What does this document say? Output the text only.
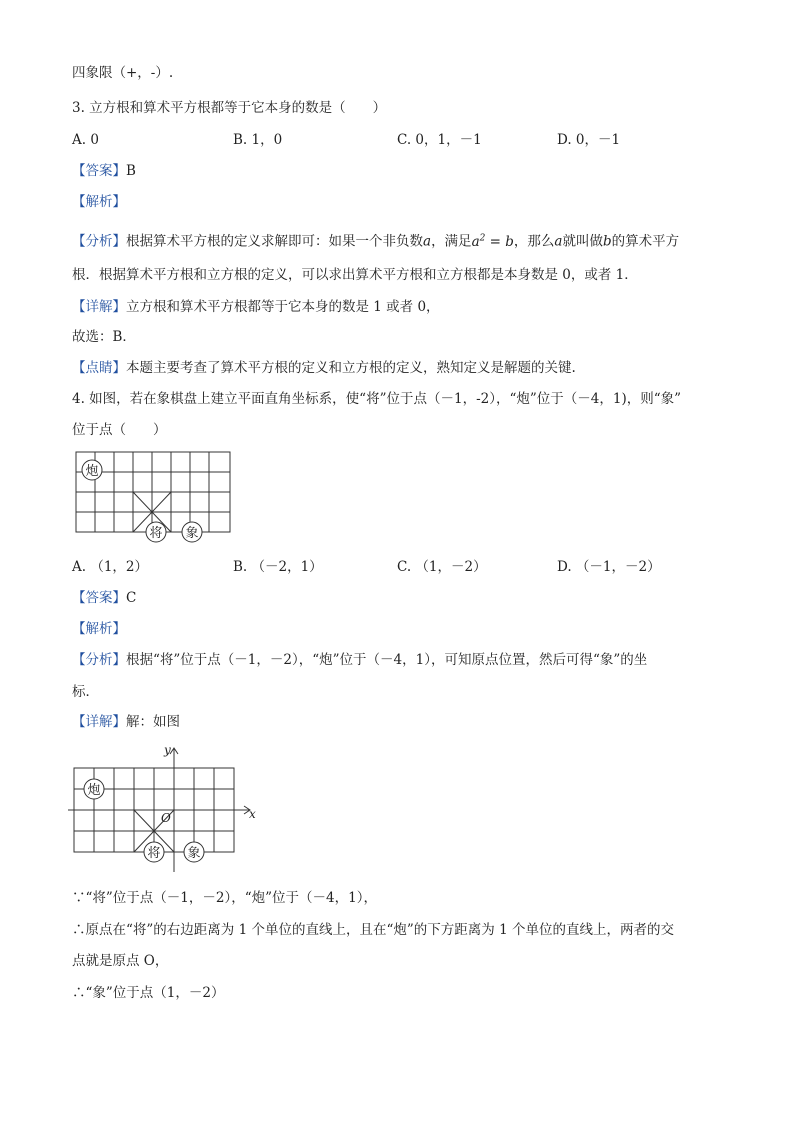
四象限（+，-）.
3. 立方根和算术平方根都等于它本身的数是（　　）
A. 0	B. 1，0	C. 0，1，－1	D. 0，－1
【答案】B
【解析】
【分析】根据算术平方根的定义求解即可：如果一个非负数a，满足$a^2 = b$，那么a就叫做b的算术平方
根．根据算术平方根和立方根的定义，可以求出算术平方根和立方根都是本身数是 0，或者 1．
【详解】立方根和算术平方根都等于它本身的数是 1 或者 0，
故选：B．
【点睛】本题主要考查了算术平方根的定义和立方根的定义，熟知定义是解题的关键.
4. 如图，若在象棋盘上建立平面直角坐标系，使“将”位于点（－1，-2），“炮”位于（－4，1)，则“象”
位于点（　　）
炮
将 象
A. （1，2）	B. （－2，1）	C. （1，－2）	D. （－1，－2）
【答案】C
【解析】
【分析】根据“将”位于点（－1，－2），“炮”位于（－4，1），可知原点位置，然后可得“象”的坐
标．
【详解】解：如图
x
y
O
炮
将 象
∵“将”位于点（－1，－2），“炮”位于（－4，1），
∴原点在“将”的右边距离为 1 个单位的直线上，且在“炮”的下方距离为 1 个单位的直线上，两者的交
点就是原点 O，
∴“象”位于点（1，－2）
